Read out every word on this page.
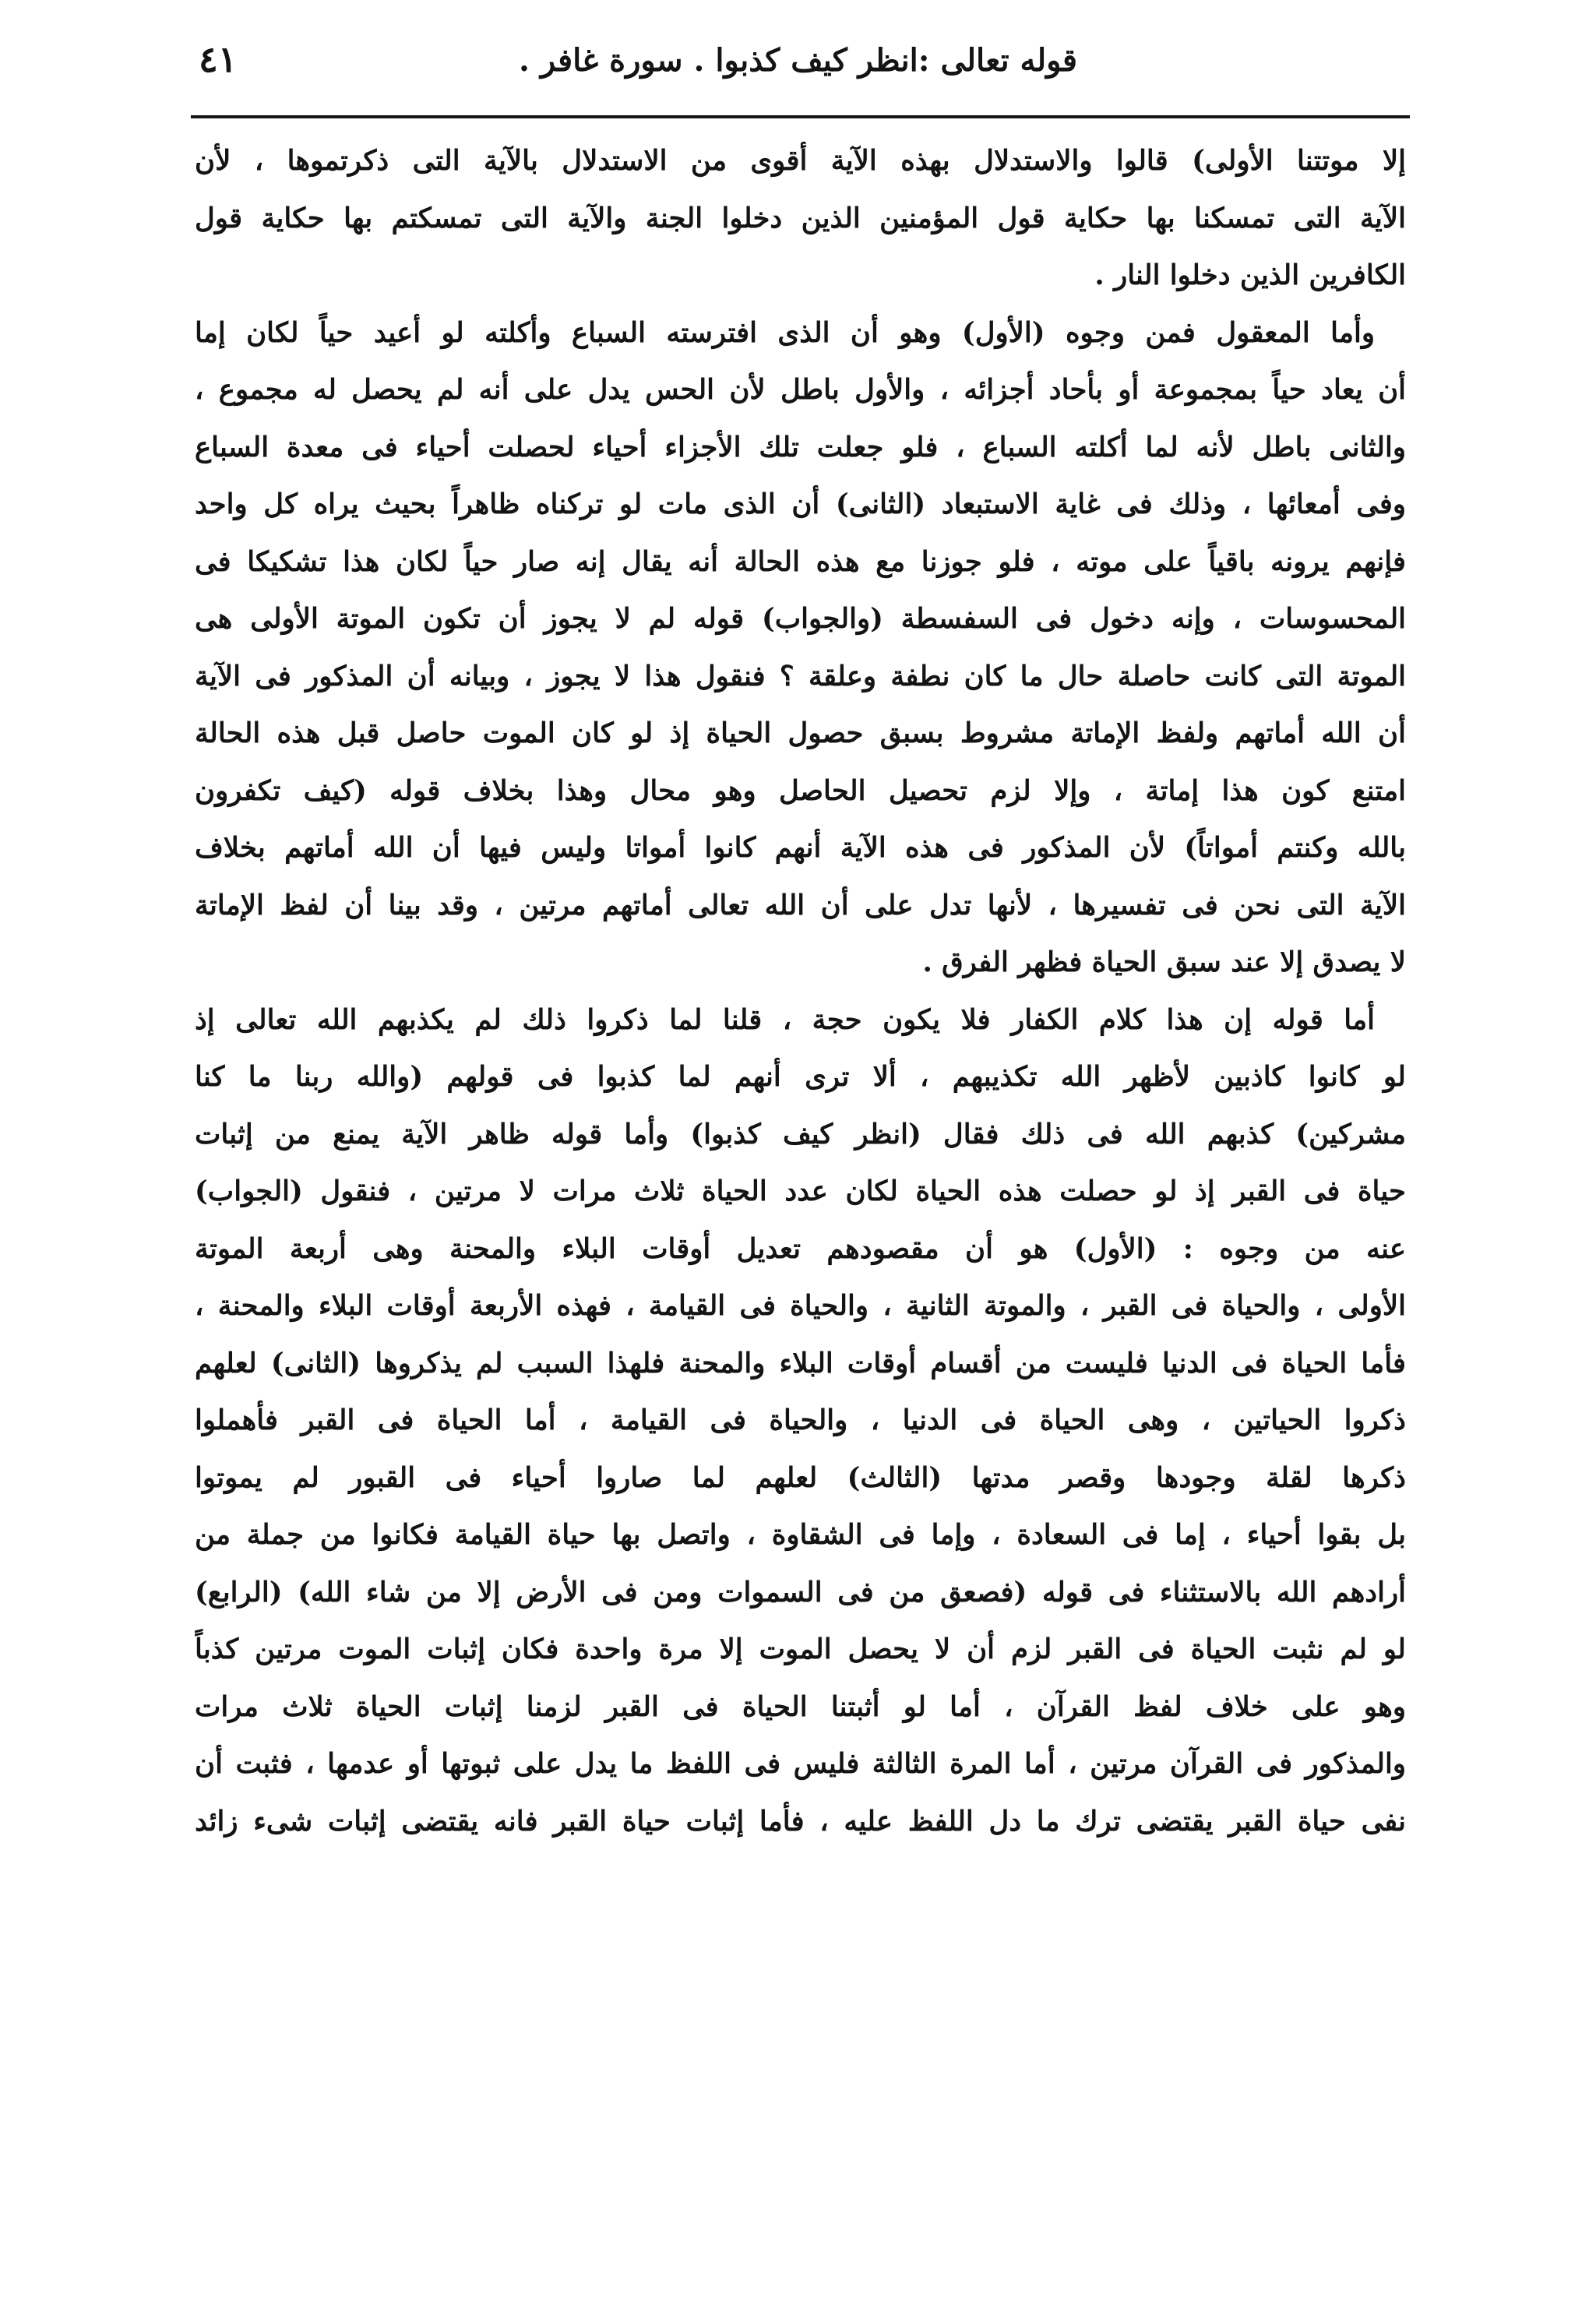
٤١	قوله تعالى :انظر كيف كذبوا . سورة غافر .
إلا موتتنا الأولى) قالوا والاستدلال بهذه الآية أقوى من الاستدلال بالآية التى ذكرتموها ، لأن
الآية التى تمسكنا بها حكاية قول المؤمنين الذين دخلوا الجنة والآية التى تمسكتم بها حكاية قول
الكافرين الذين دخلوا النار .
وأما المعقول فمن وجوه (الأول) وهو أن الذى افترسته السباع وأكلته لو أعيد حياً لكان إما
أن يعاد حياً بمجموعة أو بأحاد أجزائه ، والأول باطل لأن الحس يدل على أنه لم يحصل له مجموع ،
والثانى باطل لأنه لما أكلته السباع ، فلو جعلت تلك الأجزاء أحياء لحصلت أحياء فى معدة السباع
وفى أمعائها ، وذلك فى غاية الاستبعاد (الثانى) أن الذى مات لو تركناه ظاهراً بحيث يراه كل واحد
فإنهم يرونه باقياً على موته ، فلو جوزنا مع هذه الحالة أنه يقال إنه صار حياً لكان هذا تشكيكا فى
المحسوسات ، وإنه دخول فى السفسطة (والجواب) قوله لم لا يجوز أن تكون الموتة الأولى هى
الموتة التى كانت حاصلة حال ما كان نطفة وعلقة ؟ فنقول هذا لا يجوز ، وبيانه أن المذكور فى الآية
أن الله أماتهم ولفظ الإماتة مشروط بسبق حصول الحياة إذ لو كان الموت حاصل قبل هذه الحالة
امتنع كون هذا إماتة ، وإلا لزم تحصيل الحاصل وهو محال وهذا بخلاف قوله (كيف تكفرون
بالله وكنتم أمواتاً) لأن المذكور فى هذه الآية أنهم كانوا أمواتا وليس فيها أن الله أماتهم بخلاف
الآية التى نحن فى تفسيرها ، لأنها تدل على أن الله تعالى أماتهم مرتين ، وقد بينا أن لفظ الإماتة
لا يصدق إلا عند سبق الحياة فظهر الفرق .
أما قوله إن هذا كلام الكفار فلا يكون حجة ، قلنا لما ذكروا ذلك لم يكذبهم الله تعالى إذ
لو كانوا كاذبين لأظهر الله تكذيبهم ، ألا ترى أنهم لما كذبوا فى قولهم (والله ربنا ما كنا
مشركين) كذبهم الله فى ذلك فقال (انظر كيف كذبوا) وأما قوله ظاهر الآية يمنع من إثبات
حياة فى القبر إذ لو حصلت هذه الحياة لكان عدد الحياة ثلاث مرات لا مرتين ، فنقول (الجواب)
عنه من وجوه : (الأول) هو أن مقصودهم تعديل أوقات البلاء والمحنة وهى أربعة الموتة
الأولى ، والحياة فى القبر ، والموتة الثانية ، والحياة فى القيامة ، فهذه الأربعة أوقات البلاء والمحنة ،
فأما الحياة فى الدنيا فليست من أقسام أوقات البلاء والمحنة فلهذا السبب لم يذكروها (الثانى) لعلهم
ذكروا الحياتين ، وهى الحياة فى الدنيا ، والحياة فى القيامة ، أما الحياة فى القبر فأهملوا
ذكرها لقلة وجودها وقصر مدتها (الثالث) لعلهم لما صاروا أحياء فى القبور لم يموتوا
بل بقوا أحياء ، إما فى السعادة ، وإما فى الشقاوة ، واتصل بها حياة القيامة فكانوا من جملة من
أرادهم الله بالاستثناء فى قوله (فصعق من فى السموات ومن فى الأرض إلا من شاء الله) (الرابع)
لو لم نثبت الحياة فى القبر لزم أن لا يحصل الموت إلا مرة واحدة فكان إثبات الموت مرتين كذباً
وهو على خلاف لفظ القرآن ، أما لو أثبتنا الحياة فى القبر لزمنا إثبات الحياة ثلاث مرات
والمذكور فى القرآن مرتين ، أما المرة الثالثة فليس فى اللفظ ما يدل على ثبوتها أو عدمها ، فثبت أن
نفى حياة القبر يقتضى ترك ما دل اللفظ عليه ، فأما إثبات حياة القبر فانه يقتضى إثبات شىء زائد
